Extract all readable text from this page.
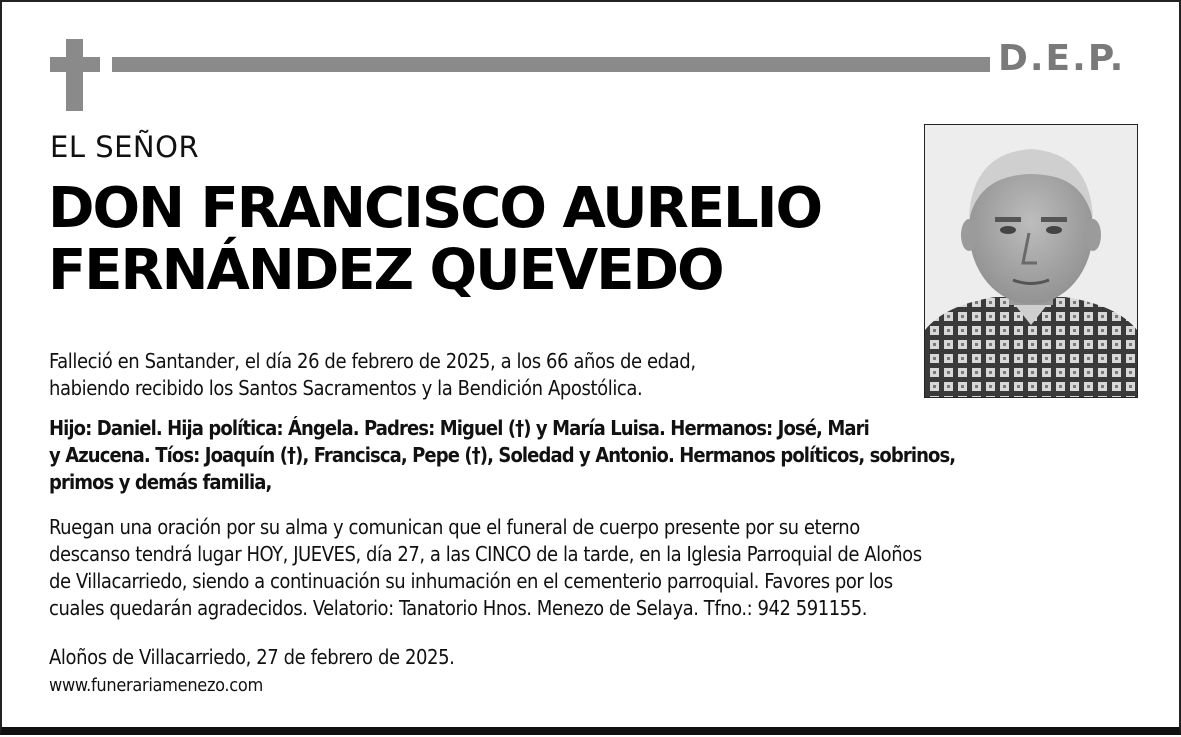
D.E.P.
EL SEÑOR
DON FRANCISCO AURELIO
FERNÁNDEZ QUEVEDO
Falleció en Santander, el día 26 de febrero de 2025, a los 66 años de edad,
habiendo recibido los Santos Sacramentos y la Bendición Apostólica.
Hijo: Daniel. Hija política: Ángela. Padres: Miguel (†) y María Luisa. Hermanos: José, Mari
y Azucena. Tíos: Joaquín (†), Francisca, Pepe (†), Soledad y Antonio. Hermanos políticos, sobrinos,
primos y demás familia,
Ruegan una oración por su alma y comunican que el funeral de cuerpo presente por su eterno
descanso tendrá lugar HOY, JUEVES, día 27, a las CINCO de la tarde, en la Iglesia Parroquial de Aloños
de Villacarriedo, siendo a continuación su inhumación en el cementerio parroquial. Favores por los
cuales quedarán agradecidos. Velatorio: Tanatorio Hnos. Menezo de Selaya. Tfno.: 942 591155.
Aloños de Villacarriedo, 27 de febrero de 2025.
www.funerariamenezo.com
